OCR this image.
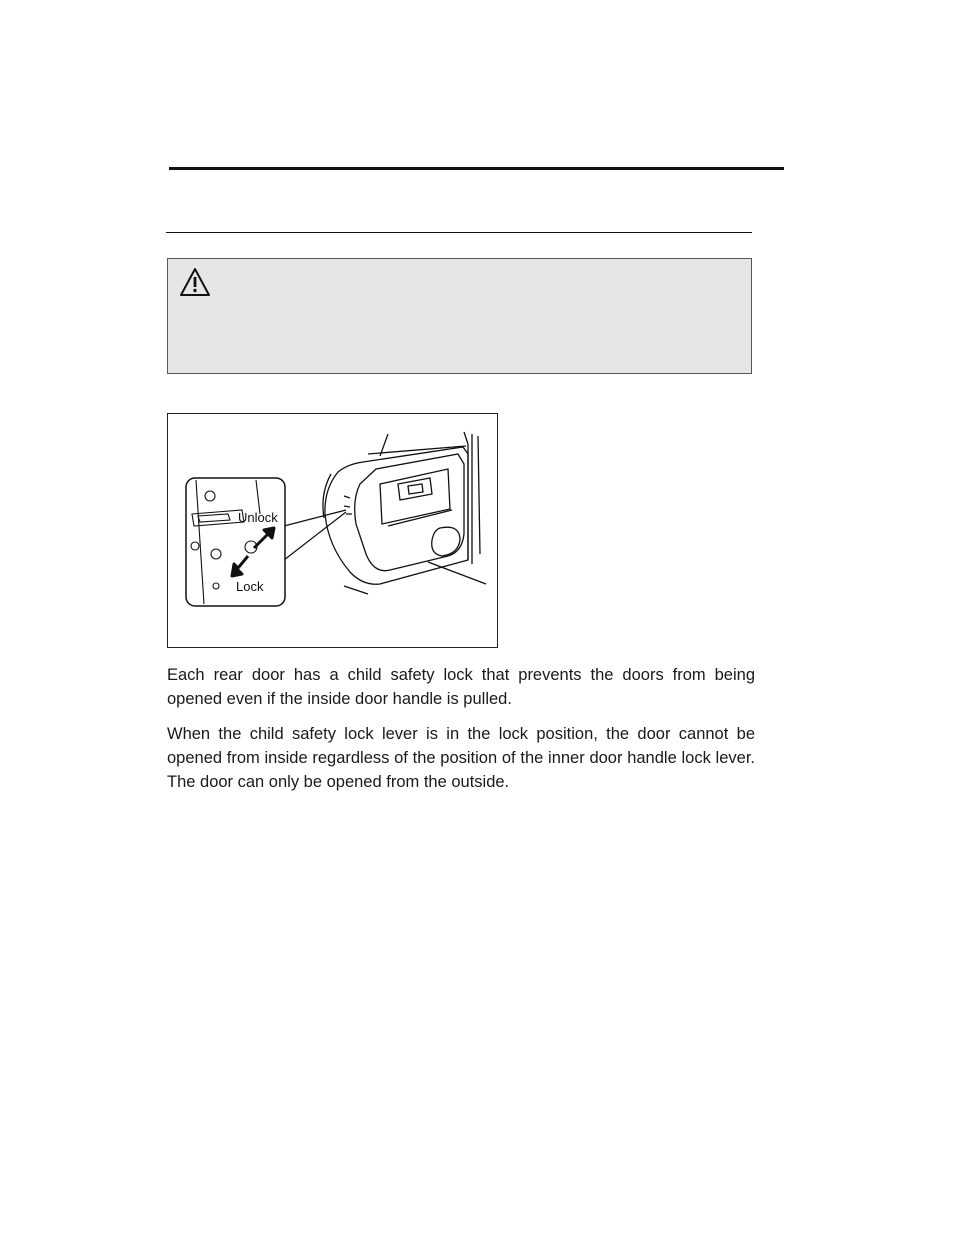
Unlock
Lock

Each rear door has a child safety lock that prevents the doors from being opened even if the inside door handle is pulled.

When the child safety lock lever is in the lock position, the door cannot be opened from inside regardless of the position of the inner door handle lock lever. The door can only be opened from the outside.
